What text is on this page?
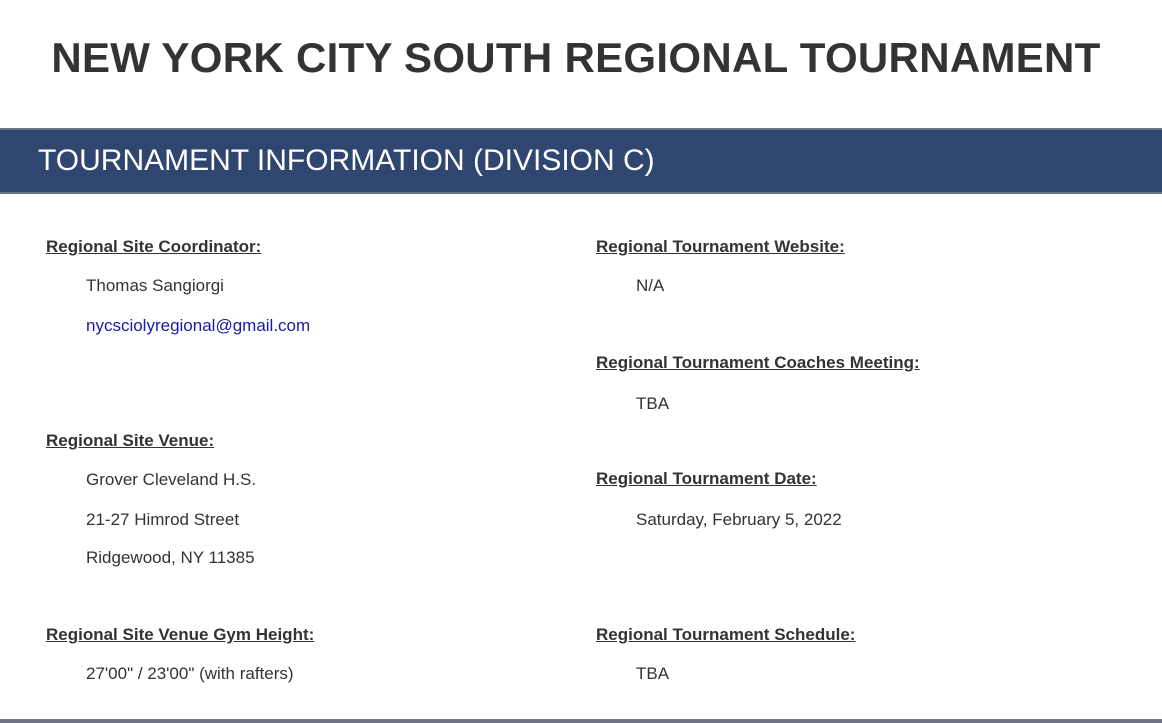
NEW YORK CITY SOUTH REGIONAL TOURNAMENT
TOURNAMENT INFORMATION (DIVISION C)
Regional Site Coordinator:
Thomas Sangiorgi
nycsciolyregional@gmail.com
Regional Site Venue:
Grover Cleveland H.S.
21-27 Himrod Street
Ridgewood, NY 11385
Regional Site Venue Gym Height:
27'00" / 23'00" (with rafters)
Regional Tournament Website:
N/A
Regional Tournament Coaches Meeting:
TBA
Regional Tournament Date:
Saturday, February 5, 2022
Regional Tournament Schedule:
TBA
